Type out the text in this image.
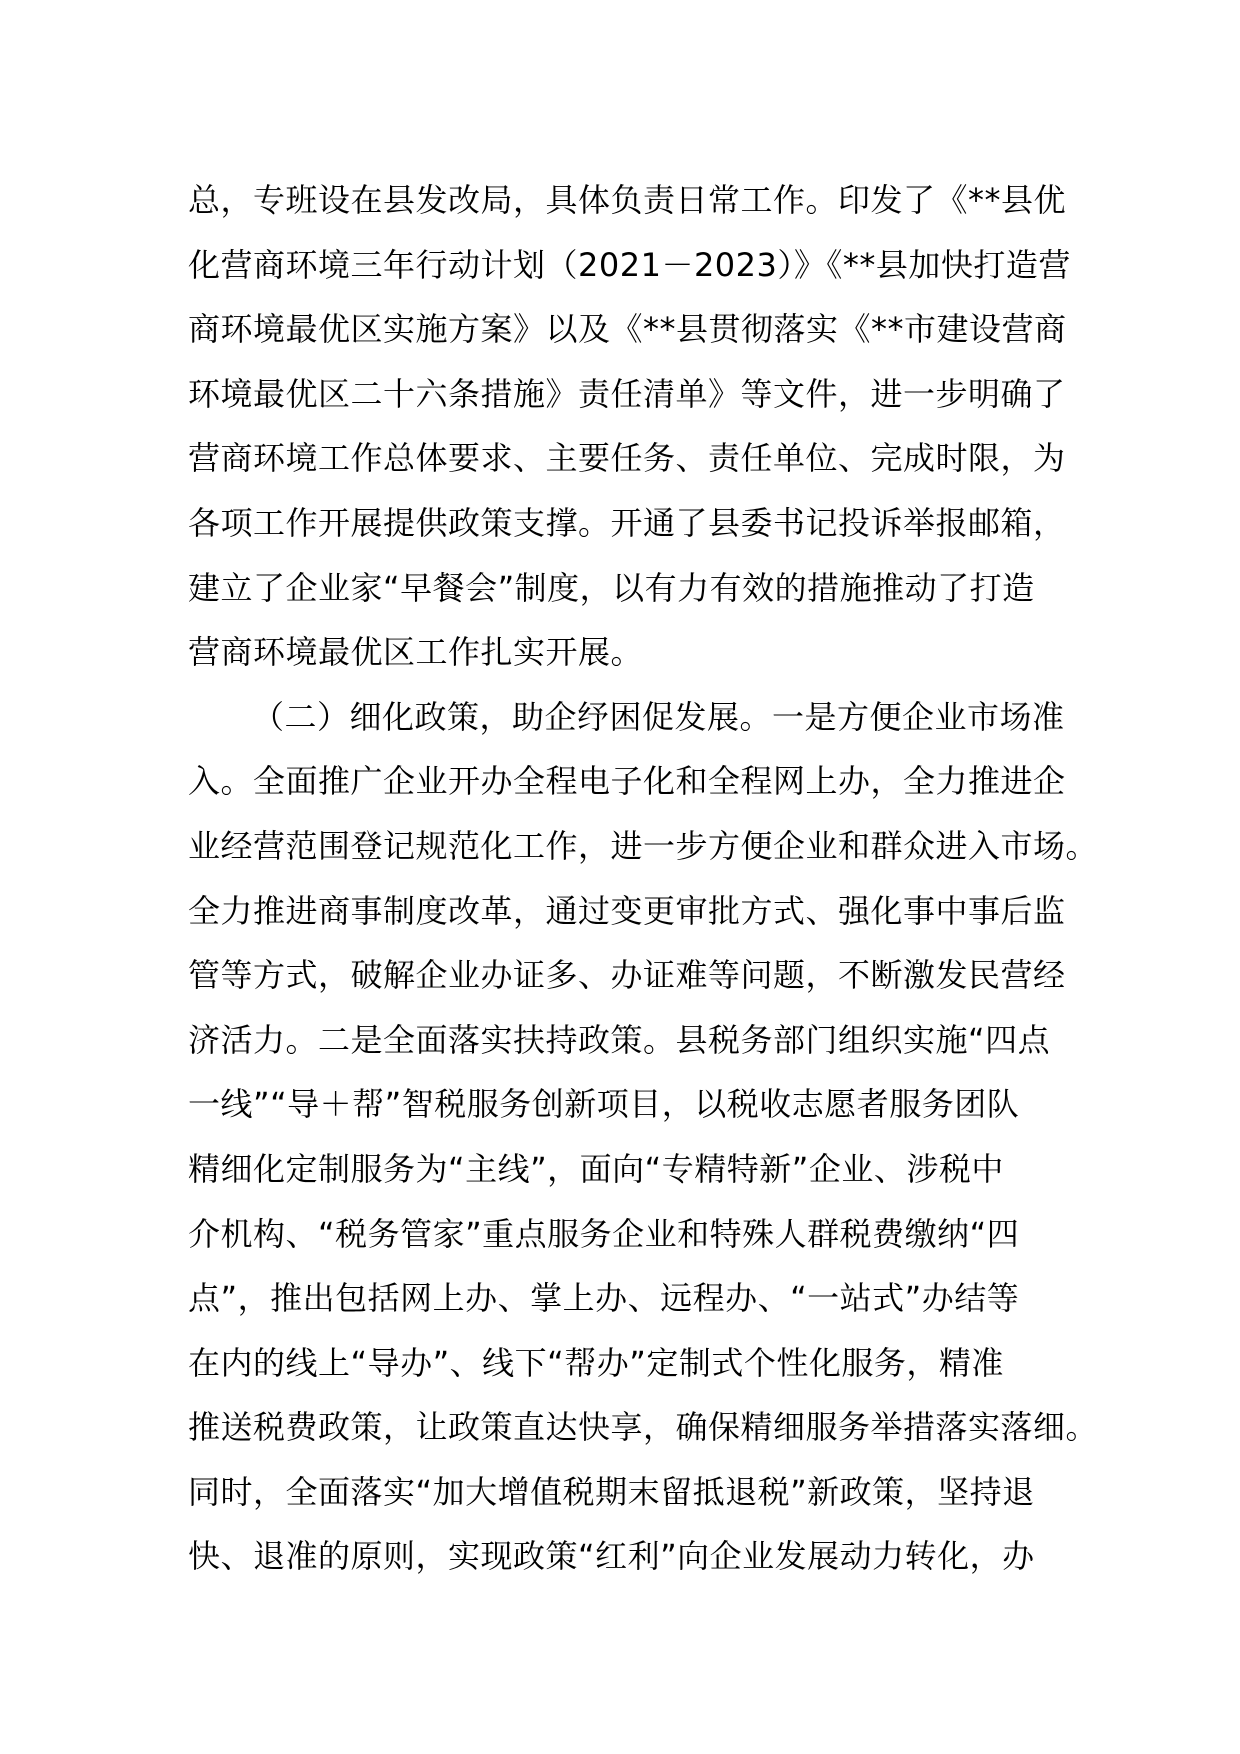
总，专班设在县发改局，具体负责日常工作。印发了《**县优
化营商环境三年行动计划（2021－2023）》《**县加快打造营
商环境最优区实施方案》以及《**县贯彻落实《**市建设营商
环境最优区二十六条措施》责任清单》等文件，进一步明确了
营商环境工作总体要求、主要任务、责任单位、完成时限，为
各项工作开展提供政策支撑。开通了县委书记投诉举报邮箱，
建立了企业家“早餐会”制度，以有力有效的措施推动了打造
营商环境最优区工作扎实开展。
（二）细化政策，助企纾困促发展。一是方便企业市场准
入。全面推广企业开办全程电子化和全程网上办，全力推进企
业经营范围登记规范化工作，进一步方便企业和群众进入市场。
全力推进商事制度改革，通过变更审批方式、强化事中事后监
管等方式，破解企业办证多、办证难等问题，不断激发民营经
济活力。二是全面落实扶持政策。县税务部门组织实施“四点
一线”“导＋帮”智税服务创新项目，以税收志愿者服务团队
精细化定制服务为“主线”，面向“专精特新”企业、涉税中
介机构、“税务管家”重点服务企业和特殊人群税费缴纳“四
点”，推出包括网上办、掌上办、远程办、“一站式”办结等
在内的线上“导办”、线下“帮办”定制式个性化服务，精准
推送税费政策，让政策直达快享，确保精细服务举措落实落细。
同时，全面落实“加大增值税期末留抵退税”新政策，坚持退
快、退准的原则，实现政策“红利”向企业发展动力转化，办
